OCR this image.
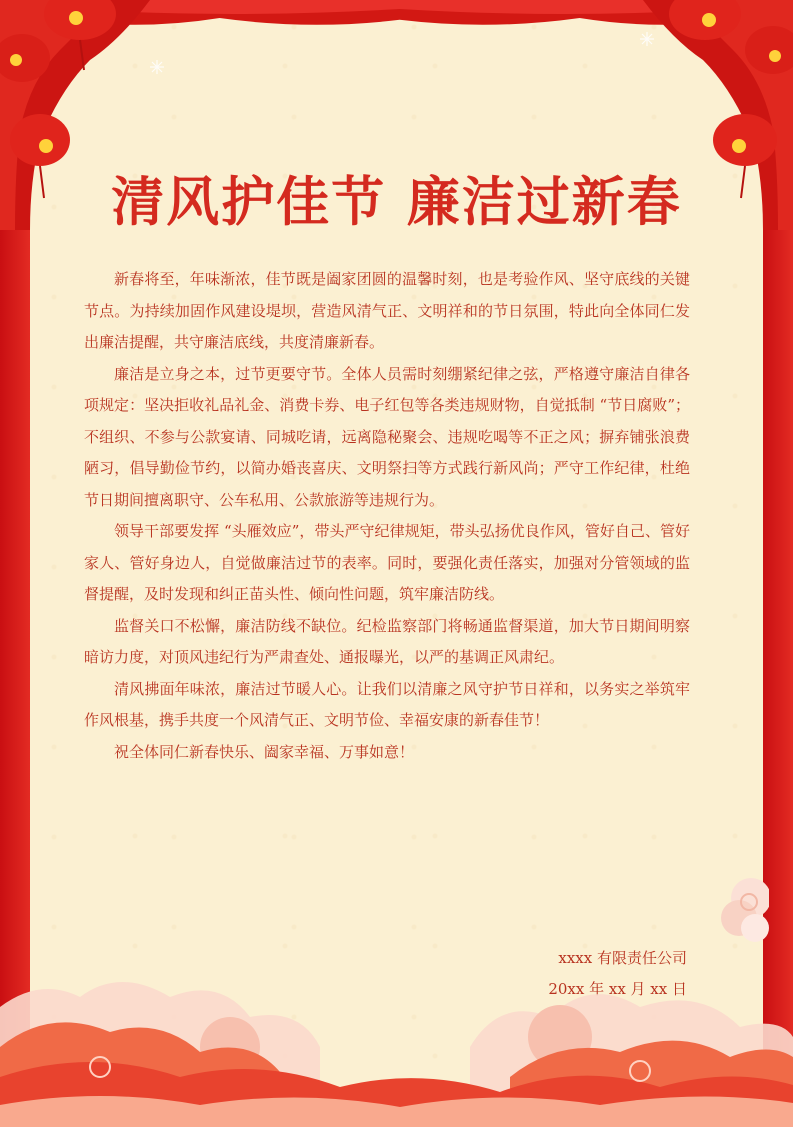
清风护佳节 廉洁过新春

新春将至，年味渐浓，佳节既是阖家团圆的温馨时刻，也是考验作风、坚守底线的关键节点。为持续加固作风建设堤坝，营造风清气正、文明祥和的节日氛围，特此向全体同仁发出廉洁提醒，共守廉洁底线，共度清廉新春。

廉洁是立身之本，过节更要守节。全体人员需时刻绷紧纪律之弦，严格遵守廉洁自律各项规定：坚决拒收礼品礼金、消费卡券、电子红包等各类违规财物，自觉抵制 “节日腐败”；不组织、不参与公款宴请、同城吃请，远离隐秘聚会、违规吃喝等不正之风；摒弃铺张浪费陋习，倡导勤俭节约，以简办婚丧喜庆、文明祭扫等方式践行新风尚；严守工作纪律，杜绝节日期间擅离职守、公车私用、公款旅游等违规行为。

领导干部要发挥 “头雁效应”，带头严守纪律规矩，带头弘扬优良作风，管好自己、管好家人、管好身边人，自觉做廉洁过节的表率。同时，要强化责任落实，加强对分管领域的监督提醒，及时发现和纠正苗头性、倾向性问题，筑牢廉洁防线。

监督关口不松懈，廉洁防线不缺位。纪检监察部门将畅通监督渠道，加大节日期间明察暗访力度，对顶风违纪行为严肃查处、通报曝光，以严的基调正风肃纪。

清风拂面年味浓，廉洁过节暖人心。让我们以清廉之风守护节日祥和，以务实之举筑牢作风根基，携手共度一个风清气正、文明节俭、幸福安康的新春佳节！

祝全体同仁新春快乐、阖家幸福、万事如意！

xxxx 有限责任公司
20xx 年 xx 月 xx 日
